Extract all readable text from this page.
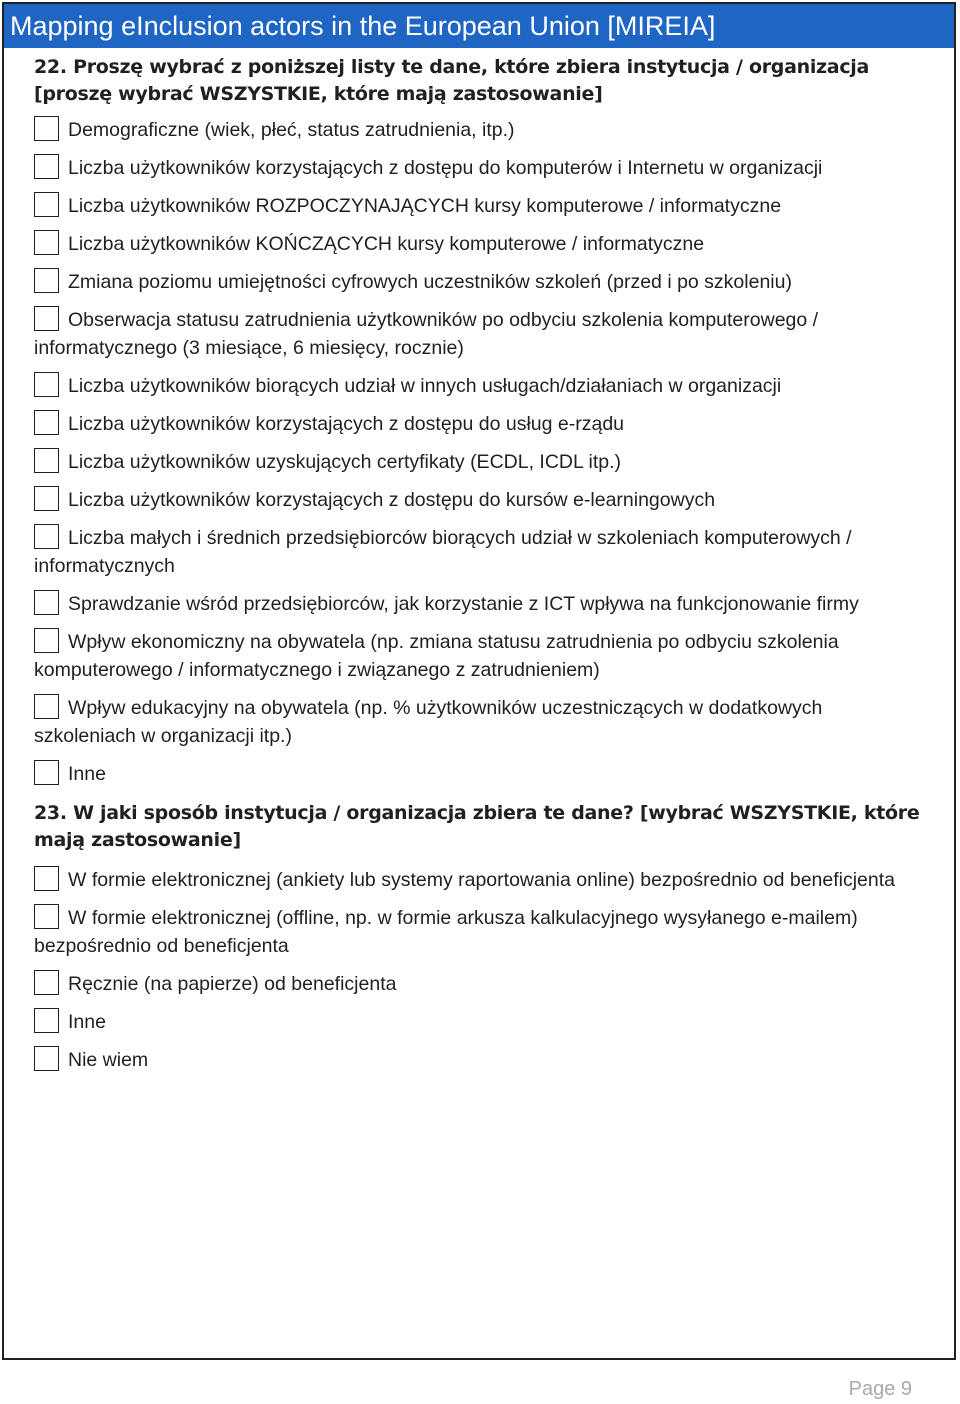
Mapping eInclusion actors in the European Union [MIREIA]
22. Proszę wybrać z poniższej listy te dane, które zbiera instytucja / organizacja [proszę wybrać WSZYSTKIE, które mają zastosowanie]
Demograficzne (wiek, płeć, status zatrudnienia, itp.)
Liczba użytkowników korzystających z dostępu do komputerów i Internetu w organizacji
Liczba użytkowników ROZPOCZYNAJĄCYCH kursy komputerowe / informatyczne
Liczba użytkowników KOŃCZĄCYCH kursy komputerowe / informatyczne
Zmiana poziomu umiejętności cyfrowych uczestników szkoleń (przed i po szkoleniu)
Obserwacja statusu zatrudnienia użytkowników po odbyciu szkolenia komputerowego / informatycznego (3 miesiące, 6 miesięcy, rocznie)
Liczba użytkowników biorących udział w innych usługach/działaniach w organizacji
Liczba użytkowników korzystających z dostępu do usług e-rządu
Liczba użytkowników uzyskujących certyfikaty (ECDL, ICDL itp.)
Liczba użytkowników korzystających z dostępu do kursów e-learningowych
Liczba małych i średnich przedsiębiorców biorących udział w szkoleniach komputerowych / informatycznych
Sprawdzanie wśród przedsiębiorców, jak korzystanie z ICT wpływa na funkcjonowanie firmy
Wpływ ekonomiczny na obywatela (np. zmiana statusu zatrudnienia po odbyciu szkolenia komputerowego / informatycznego i związanego z zatrudnieniem)
Wpływ edukacyjny na obywatela (np. % użytkowników uczestniczących w dodatkowych szkoleniach w organizacji itp.)
Inne
23. W jaki sposób instytucja / organizacja zbiera te dane? [wybrać WSZYSTKIE, które mają zastosowanie]
W formie elektronicznej (ankiety lub systemy raportowania online) bezpośrednio od beneficjenta
W formie elektronicznej (offline, np. w formie arkusza kalkulacyjnego wysyłanego e-mailem) bezpośrednio od beneficjenta
Ręcznie (na papierze) od beneficjenta
Inne
Nie wiem
Page 9
